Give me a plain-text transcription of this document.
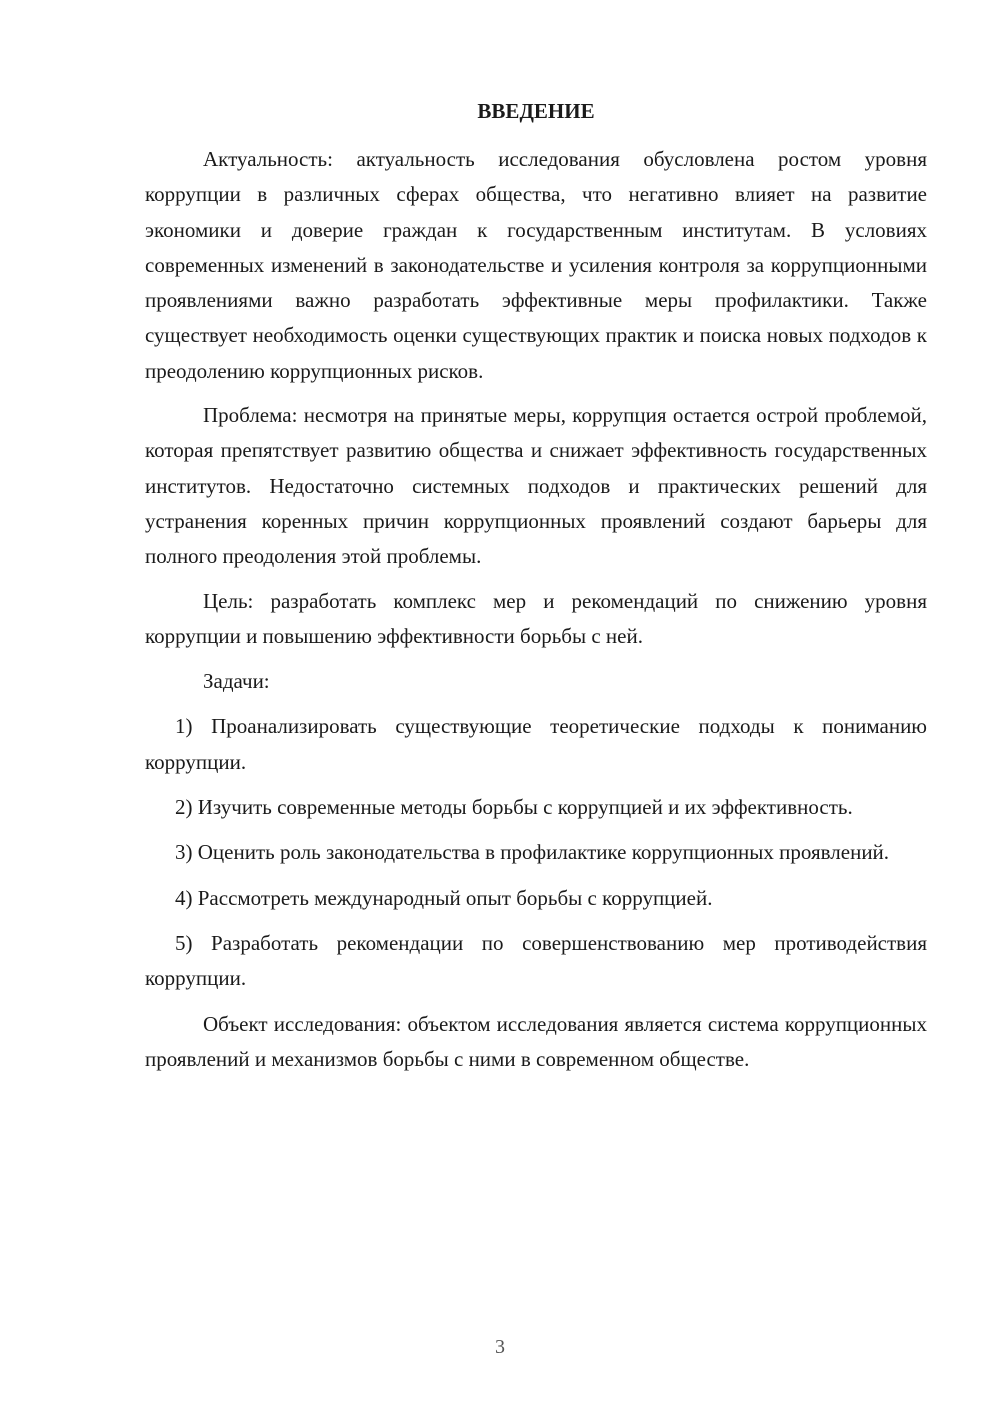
ВВЕДЕНИЕ

Актуальность: актуальность исследования обусловлена ростом уровня коррупции в различных сферах общества, что негативно влияет на развитие экономики и доверие граждан к государственным институтам. В условиях современных изменений в законодательстве и усиления контроля за коррупционными проявлениями важно разработать эффективные меры профилактики. Также существует необходимость оценки существующих практик и поиска новых подходов к преодолению коррупционных рисков.

Проблема: несмотря на принятые меры, коррупция остается острой проблемой, которая препятствует развитию общества и снижает эффективность государственных институтов. Недостаточно системных подходов и практических решений для устранения коренных причин коррупционных проявлений создают барьеры для полного преодоления этой проблемы.

Цель: разработать комплекс мер и рекомендаций по снижению уровня коррупции и повышению эффективности борьбы с ней.

Задачи:

1) Проанализировать существующие теоретические подходы к пониманию коррупции.

2) Изучить современные методы борьбы с коррупцией и их эффективность.

3) Оценить роль законодательства в профилактике коррупционных проявлений.

4) Рассмотреть международный опыт борьбы с коррупцией.

5) Разработать рекомендации по совершенствованию мер противодействия коррупции.

Объект исследования: объектом исследования является система коррупционных проявлений и механизмов борьбы с ними в современном обществе.

3
